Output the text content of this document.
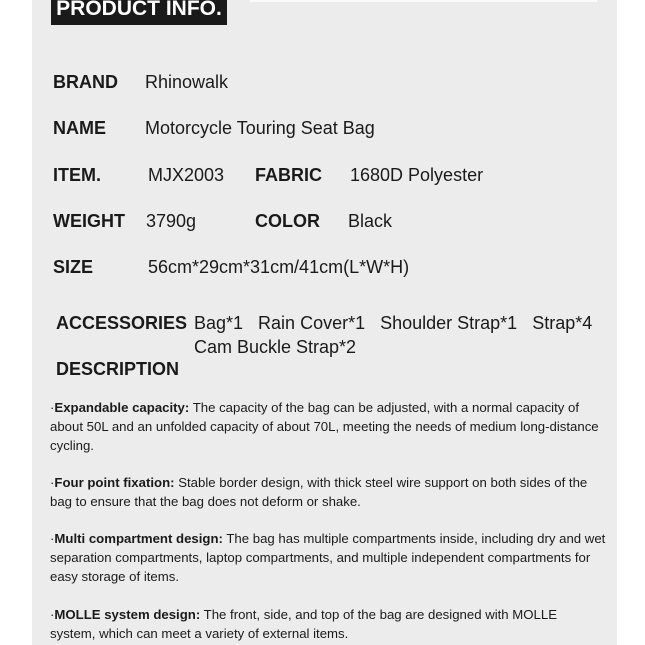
PRODUCT INFO.
BRAND Rhinowalk
NAME Motorcycle Touring Seat Bag
ITEM.	MJX2003 FABRIC 1680D Polyester
WEIGHT 3790g	COLOR Black
SIZE	56cm*29cm*31cm/41cm(L*W*H)
ACCESSORIES Bag*1   Rain Cover*1   Shoulder Strap*1   Strap*4
Cam Buckle Strap*2
DESCRIPTION
·Expandable capacity: The capacity of the bag can be adjusted, with a normal capacity of about 50L and an unfolded capacity of about 70L, meeting the needs of medium long-distance cycling.
·Four point fixation: Stable border design, with thick steel wire support on both sides of the bag to ensure that the bag does not deform or shake.
·Multi compartment design: The bag has multiple compartments inside, including dry and wet separation compartments, laptop compartments, and multiple independent compartments for easy storage of items.
·MOLLE system design: The front, side, and top of the bag are designed with MOLLE system, which can meet a variety of external items.
